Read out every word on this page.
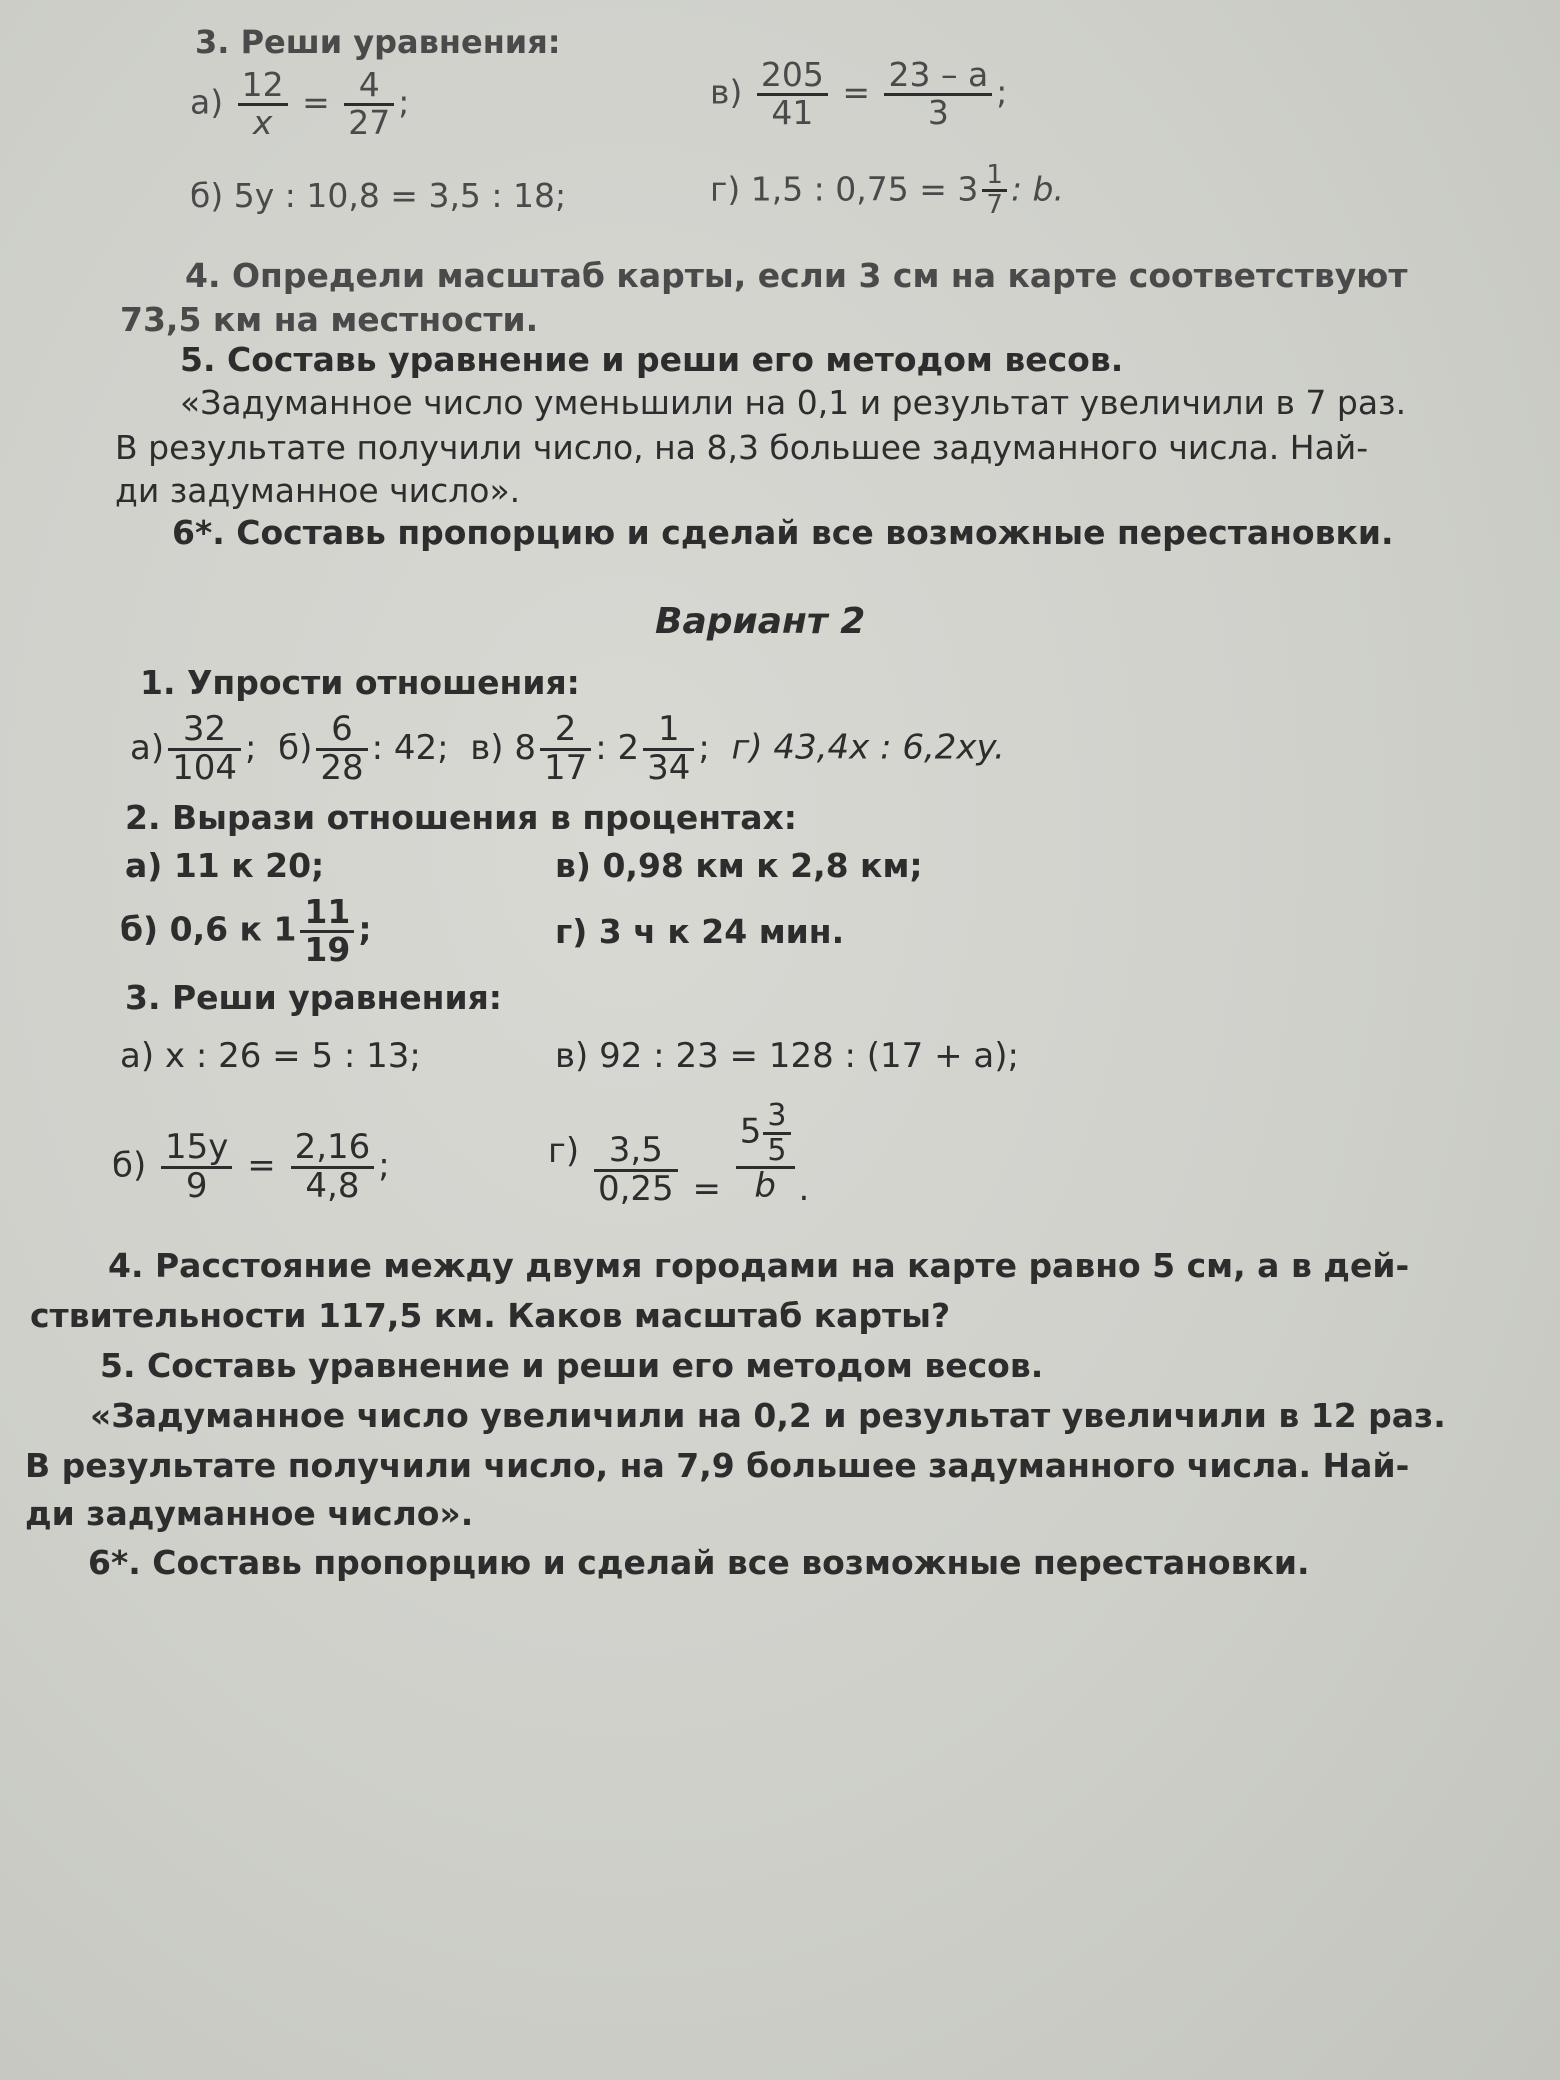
3. Реши уравнения:
$а) \frac{12}{x} = \frac{4}{27}$ ;	$в) \frac{205}{41} = \frac{23 - a}{3}$ ;
б) 5y : 10,8 = 3,5 : 18;	г) 1,5 : $0,75 = 3 \frac{1}{7}$ : b.
4. Определи масштаб карты, если 3 см на карте соответствуют
73,5 км на местности.
5. Составь уравнение и реши его методом весов.
«Задуманное число уменьшили на 0,1 и результат увеличили в 7 раз.
В результате получили число, на 8,3 большее задуманного числа. Най-
ди задуманное число».
6*. Составь пропорцию и сделай все возможные перестановки.
Вариант 2
1. Упрости отношения:
$а) \frac{32}{104}$ ; $б) \frac{6}{28}$ : 42; в) $8 \frac{2}{17}$ : $2 \frac{1}{34}$ ; г) 43,4x : 6,2xy.
2. Вырази отношения в процентах:
а) 11 к 20;	в) 0,98 км к 2,8 км;
б) 0,6 к $1 \frac{11}{19}$ ;	г) 3 ч к 24 мин.
3. Реши уравнения:
а) x : 26 = 5 : 13;	в) 92 : 23 = 128 : (17 + a);
$б) \frac{15y}{9} = \frac{2,16}{4,8}$ ;	$г) \frac{3,5}{0,25} = \frac{5 \frac{3}{5}}{b}$ .
4. Расстояние между двумя городами на карте равно 5 см, а в дей-
ствительности 117,5 км. Каков масштаб карты?
5. Составь уравнение и реши его методом весов.
«Задуманное число увеличили на 0,2 и результат увеличили в 12 раз.
В результате получили число, на 7,9 большее задуманного числа. Най-
ди задуманное число».
6*. Составь пропорцию и сделай все возможные перестановки.
